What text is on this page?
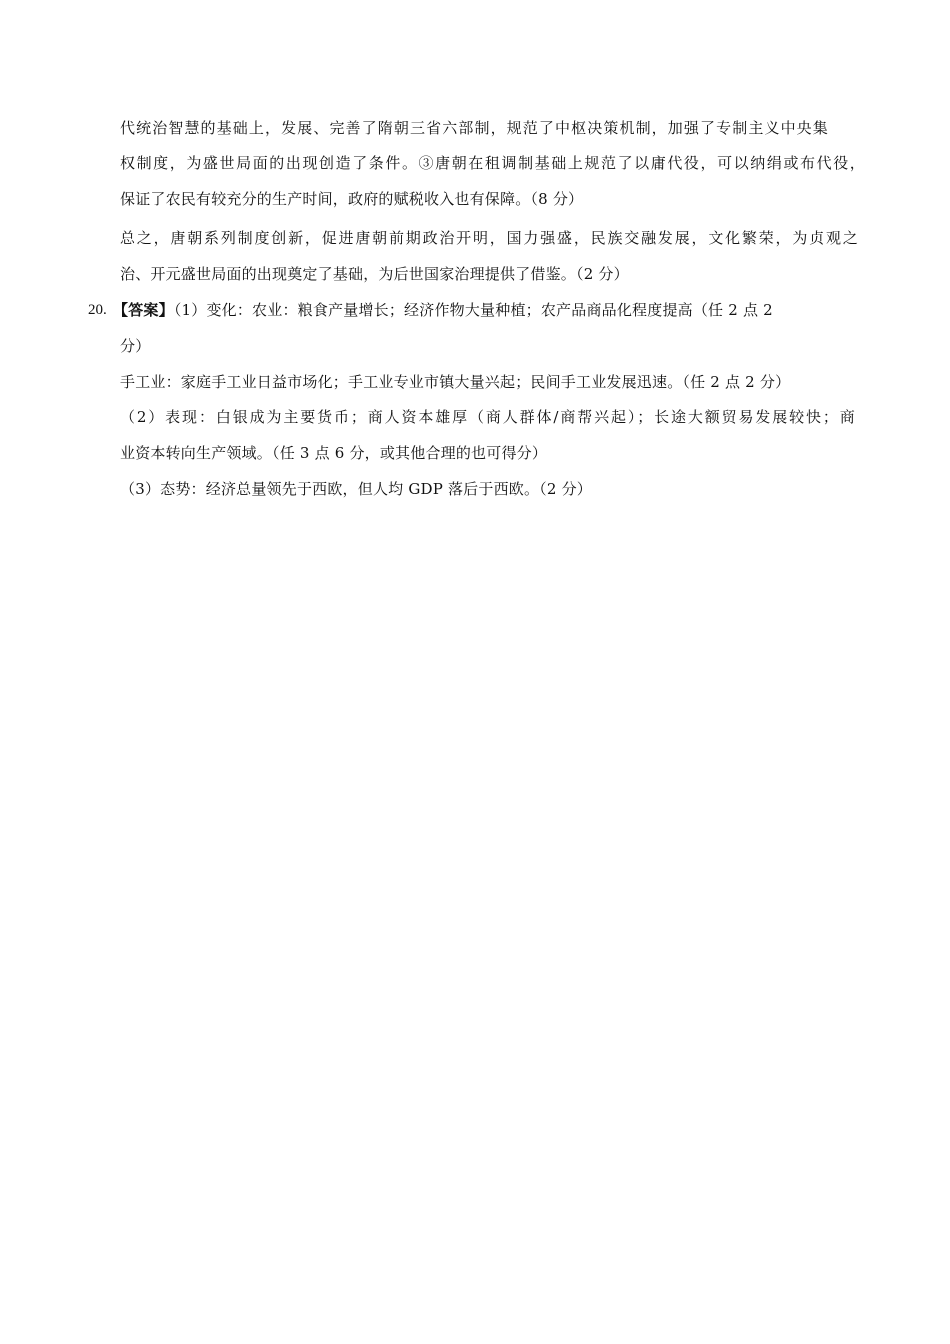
代统治智慧的基础上，发展、完善了隋朝三省六部制，规范了中枢决策机制，加强了专制主义中央集
权制度，为盛世局面的出现创造了条件。③唐朝在租调制基础上规范了以庸代役，可以纳绢或布代役，
保证了农民有较充分的生产时间，政府的赋税收入也有保障。（8 分）
总之，唐朝系列制度创新，促进唐朝前期政治开明，国力强盛，民族交融发展，文化繁荣，为贞观之
治、开元盛世局面的出现奠定了基础，为后世国家治理提供了借鉴。（2 分）
20. 【答案】（1）变化：农业：粮食产量增长；经济作物大量种植；农产品商品化程度提高（任 2 点 2
分）
手工业：家庭手工业日益市场化；手工业专业市镇大量兴起；民间手工业发展迅速。（任 2 点 2 分）
（2）表现：白银成为主要货币；商人资本雄厚（商人群体/商帮兴起）；长途大额贸易发展较快；商
业资本转向生产领域。（任 3 点 6 分，或其他合理的也可得分）
（3）态势：经济总量领先于西欧，但人均 GDP 落后于西欧。（2 分）
